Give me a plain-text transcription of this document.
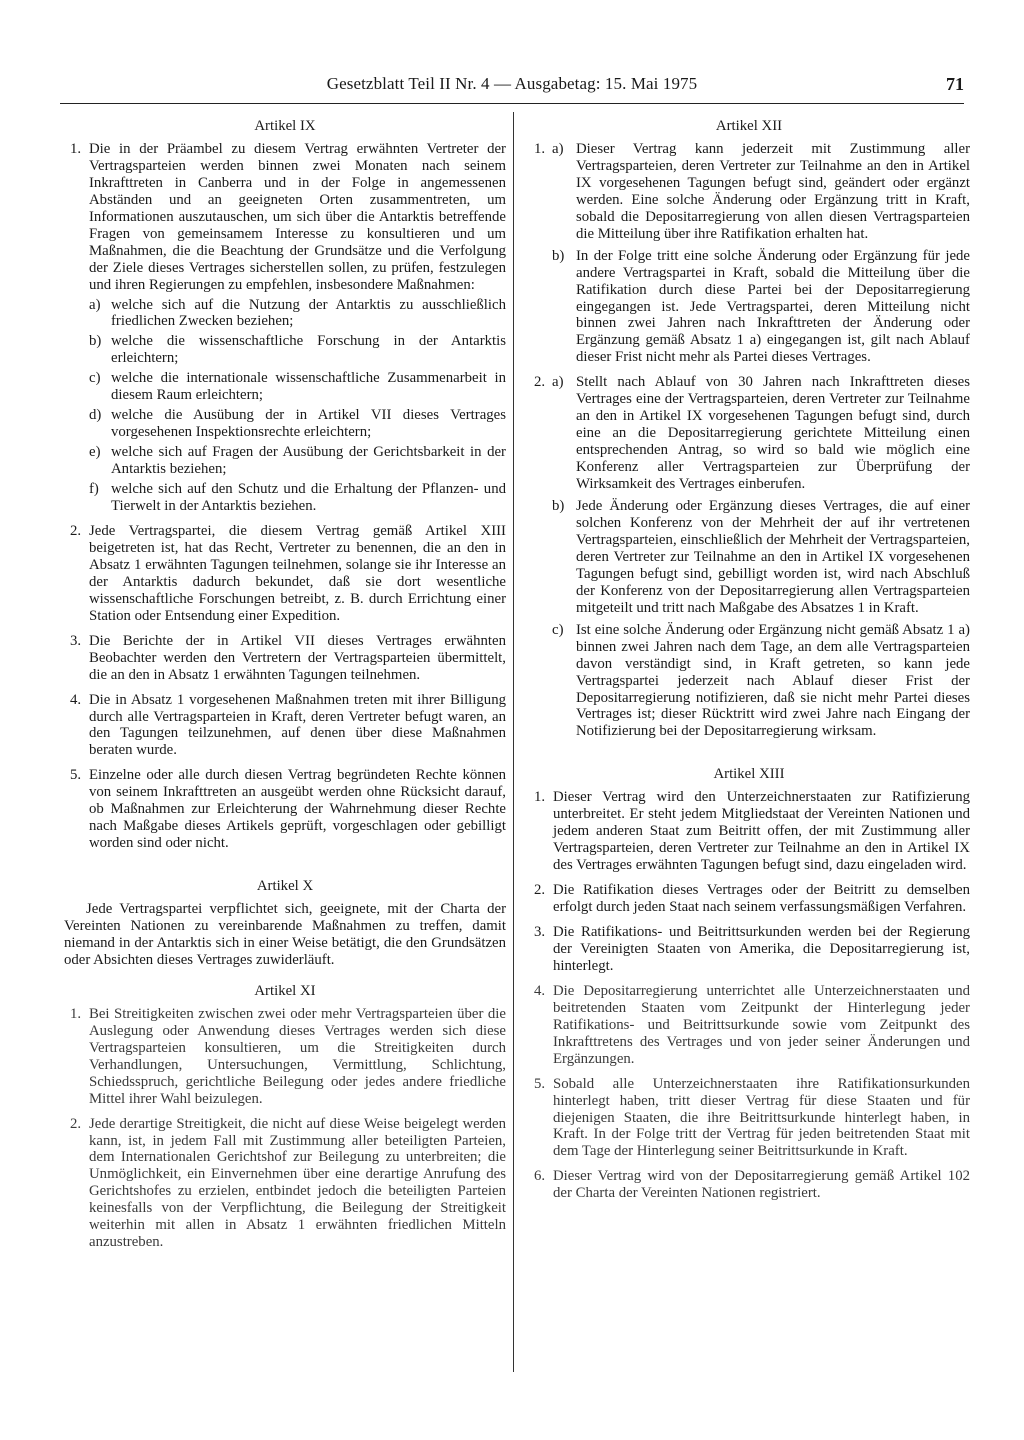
Gesetzblatt Teil II Nr. 4 — Ausgabetag: 15. Mai 1975	71
Artikel IX
1. Die in der Präambel zu diesem Vertrag erwähnten Vertreter der Vertragsparteien werden binnen zwei Monaten nach seinem Inkrafttreten in Canberra und in der Folge in angemessenen Abständen und an geeigneten Orten zusammentreten, um Informationen auszutauschen, um sich über die Antarktis betreffende Fragen von gemeinsamem Interesse zu konsultieren und um Maßnahmen, die die Beachtung der Grundsätze und die Verfolgung der Ziele dieses Vertrages sicherstellen sollen, zu prüfen, festzulegen und ihren Regierungen zu empfehlen, insbesondere Maßnahmen:
a) welche sich auf die Nutzung der Antarktis zu ausschließlich friedlichen Zwecken beziehen;
b) welche die wissenschaftliche Forschung in der Antarktis erleichtern;
c) welche die internationale wissenschaftliche Zusammenarbeit in diesem Raum erleichtern;
d) welche die Ausübung der in Artikel VII dieses Vertrages vorgesehenen Inspektionsrechte erleichtern;
e) welche sich auf Fragen der Ausübung der Gerichtsbarkeit in der Antarktis beziehen;
f) welche sich auf den Schutz und die Erhaltung der Pflanzen- und Tierwelt in der Antarktis beziehen.
2. Jede Vertragspartei, die diesem Vertrag gemäß Artikel XIII beigetreten ist, hat das Recht, Vertreter zu benennen, die an den in Absatz 1 erwähnten Tagungen teilnehmen, solange sie ihr Interesse an der Antarktis dadurch bekundet, daß sie dort wesentliche wissenschaftliche Forschungen betreibt, z. B. durch Errichtung einer Station oder Entsendung einer Expedition.
3. Die Berichte der in Artikel VII dieses Vertrages erwähnten Beobachter werden den Vertretern der Vertragsparteien übermittelt, die an den in Absatz 1 erwähnten Tagungen teilnehmen.
4. Die in Absatz 1 vorgesehenen Maßnahmen treten mit ihrer Billigung durch alle Vertragsparteien in Kraft, deren Vertreter befugt waren, an den Tagungen teilzunehmen, auf denen über diese Maßnahmen beraten wurde.
5. Einzelne oder alle durch diesen Vertrag begründeten Rechte können von seinem Inkrafttreten an ausgeübt werden ohne Rücksicht darauf, ob Maßnahmen zur Erleichterung der Wahrnehmung dieser Rechte nach Maßgabe dieses Artikels geprüft, vorgeschlagen oder gebilligt worden sind oder nicht.
Artikel X
Jede Vertragspartei verpflichtet sich, geeignete, mit der Charta der Vereinten Nationen zu vereinbarende Maßnahmen zu treffen, damit niemand in der Antarktis sich in einer Weise betätigt, die den Grundsätzen oder Absichten dieses Vertrages zuwiderläuft.
Artikel XI
1. Bei Streitigkeiten zwischen zwei oder mehr Vertragsparteien über die Auslegung oder Anwendung dieses Vertrages werden sich diese Vertragsparteien konsultieren, um die Streitigkeiten durch Verhandlungen, Untersuchungen, Vermittlung, Schlichtung, Schiedsspruch, gerichtliche Beilegung oder jedes andere friedliche Mittel ihrer Wahl beizulegen.
2. Jede derartige Streitigkeit, die nicht auf diese Weise beigelegt werden kann, ist, in jedem Fall mit Zustimmung aller beteiligten Parteien, dem Internationalen Gerichtshof zur Beilegung zu unterbreiten; die Unmöglichkeit, ein Einvernehmen über eine derartige Anrufung des Gerichtshofes zu erzielen, entbindet jedoch die beteiligten Parteien keinesfalls von der Verpflichtung, die Beilegung der Streitigkeit weiterhin mit allen in Absatz 1 erwähnten friedlichen Mitteln anzustreben.
Artikel XII
1. a) Dieser Vertrag kann jederzeit mit Zustimmung aller Vertragsparteien, deren Vertreter zur Teilnahme an den in Artikel IX vorgesehenen Tagungen befugt sind, geändert oder ergänzt werden. Eine solche Änderung oder Ergänzung tritt in Kraft, sobald die Depositarregierung von allen diesen Vertragsparteien die Mitteilung über ihre Ratifikation erhalten hat.
b) In der Folge tritt eine solche Änderung oder Ergänzung für jede andere Vertragspartei in Kraft, sobald die Mitteilung über die Ratifikation durch diese Partei bei der Depositarregierung eingegangen ist. Jede Vertragspartei, deren Mitteilung nicht binnen zwei Jahren nach Inkrafttreten der Änderung oder Ergänzung gemäß Absatz 1 a) eingegangen ist, gilt nach Ablauf dieser Frist nicht mehr als Partei dieses Vertrages.
2. a) Stellt nach Ablauf von 30 Jahren nach Inkrafttreten dieses Vertrages eine der Vertragsparteien, deren Vertreter zur Teilnahme an den in Artikel IX vorgesehenen Tagungen befugt sind, durch eine an die Depositarregierung gerichtete Mitteilung einen entsprechenden Antrag, so wird so bald wie möglich eine Konferenz aller Vertragsparteien zur Überprüfung der Wirksamkeit des Vertrages einberufen.
b) Jede Änderung oder Ergänzung dieses Vertrages, die auf einer solchen Konferenz von der Mehrheit der auf ihr vertretenen Vertragsparteien, einschließlich der Mehrheit der Vertragsparteien, deren Vertreter zur Teilnahme an den in Artikel IX vorgesehenen Tagungen befugt sind, gebilligt worden ist, wird nach Abschluß der Konferenz von der Depositarregierung allen Vertragsparteien mitgeteilt und tritt nach Maßgabe des Absatzes 1 in Kraft.
c) Ist eine solche Änderung oder Ergänzung nicht gemäß Absatz 1 a) binnen zwei Jahren nach dem Tage, an dem alle Vertragsparteien davon verständigt sind, in Kraft getreten, so kann jede Vertragspartei jederzeit nach Ablauf dieser Frist der Depositarregierung notifizieren, daß sie nicht mehr Partei dieses Vertrages ist; dieser Rücktritt wird zwei Jahre nach Eingang der Notifizierung bei der Depositarregierung wirksam.
Artikel XIII
1. Dieser Vertrag wird den Unterzeichnerstaaten zur Ratifizierung unterbreitet. Er steht jedem Mitgliedstaat der Vereinten Nationen und jedem anderen Staat zum Beitritt offen, der mit Zustimmung aller Vertragsparteien, deren Vertreter zur Teilnahme an den in Artikel IX des Vertrages erwähnten Tagungen befugt sind, dazu eingeladen wird.
2. Die Ratifikation dieses Vertrages oder der Beitritt zu demselben erfolgt durch jeden Staat nach seinem verfassungsmäßigen Verfahren.
3. Die Ratifikations- und Beitrittsurkunden werden bei der Regierung der Vereinigten Staaten von Amerika, die Depositarregierung ist, hinterlegt.
4. Die Depositarregierung unterrichtet alle Unterzeichnerstaaten und beitretenden Staaten vom Zeitpunkt der Hinterlegung jeder Ratifikations- und Beitrittsurkunde sowie vom Zeitpunkt des Inkrafttretens des Vertrages und von jeder seiner Änderungen und Ergänzungen.
5. Sobald alle Unterzeichnerstaaten ihre Ratifikationsurkunden hinterlegt haben, tritt dieser Vertrag für diese Staaten und für diejenigen Staaten, die ihre Beitrittsurkunde hinterlegt haben, in Kraft. In der Folge tritt der Vertrag für jeden beitretenden Staat mit dem Tage der Hinterlegung seiner Beitrittsurkunde in Kraft.
6. Dieser Vertrag wird von der Depositarregierung gemäß Artikel 102 der Charta der Vereinten Nationen registriert.
